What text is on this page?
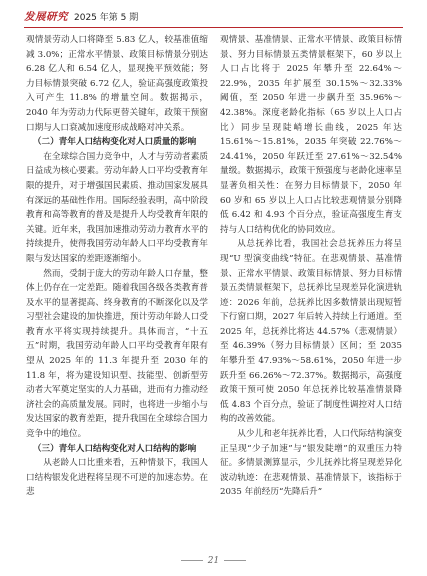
发展研究 2025 年第 5 期

观情景劳动人口将降至 5.83 亿人，较基准值缩减 3.0%；正常水平情景、政策目标情景分别达 6.28 亿人和 6.54 亿人，显现挽平预效能；努力目标情景突破 6.72 亿人，验证高强度政策投入可产生 11.8% 的增量空间。数据揭示，2040 年为劳动力代际更替关键年，政策干预窗口期与人口衰减加速度形成战略对冲关系。

（二）青年人口结构变化对人口质量的影响

在全球综合国力竞争中，人才与劳动者素质日益成为核心要素。劳动年龄人口平均受教育年限的提升，对于增强国民素质、推动国家发展具有深远的基础性作用。国际经验表明，高中阶段教育和高等教育的普及是提升人均受教育年限的关键。近年来，我国加速推动劳动力教育水平的持续提升，使得我国劳动年龄人口平均受教育年限与发达国家的差距逐渐缩小。

然而，受制于庞大的劳动年龄人口存量，整体上仍存在一定差距。随着我国各级各类教育普及水平的显著提高、终身教育的不断深化以及学习型社会建设的加快推进，预计劳动年龄人口受教育水平将实现持续提升。具体而言，“十五五”时期，我国劳动年龄人口平均受教育年限有望从 2025 年的 11.3 年提升至 2030 年的 11.8 年，将为建设知识型、技能型、创新型劳动者大军奠定坚实的人力基础，进而有力推动经济社会的高质量发展。同时，也将进一步缩小与发达国家的教育差距，提升我国在全球综合国力竞争中的地位。

（三）青年人口结构变化对人口结构的影响

从老龄人口比重来看，五种情景下，我国人口结构银发化进程将呈现不可逆的加速态势。在悲

观情景、基准情景、正常水平情景、政策目标情景、努力目标情景五类情景框架下，60 岁以上人口占比将于 2025 年攀升至 22.64%～22.9%，2035 年扩展至 30.15%～32.33% 阈值，至 2050 年进一步飙升至 35.96%～42.38%。深度老龄化指标（65 岁以上人口占比）同步呈现陡峭增长曲线，2025 年达 15.61%～15.81%，2035 年突破 22.76%～24.41%，2050 年跃迁至 27.61%～32.54% 量级。数据揭示，政策干预强度与老龄化速率呈显著负相关性：在努力目标情景下，2050 年 60 岁和 65 岁以上人口占比较悲观情景分别降低 6.42 和 4.93 个百分点，验证高强度生育支持与人口结构优化的协同效应。

从总抚养比看，我国社会总抚养压力将呈现“U 型演变曲线”特征。在悲观情景、基准情景、正常水平情景、政策目标情景、努力目标情景五类情景框架下，总抚养比呈现差异化演进轨迹：2026 年前，总抚养比因多数情景出现短暂下行窗口期，2027 年后转入持续上行通道。至 2025 年，总抚养比将达 44.57%（悲观情景）至 46.39%（努力目标情景）区间；至 2035 年攀升至 47.93%～58.61%，2050 年进一步跃升至 66.26%～72.37%。数据揭示，高强度政策干预可使 2050 年总抚养比较基准情景降低 4.83 个百分点，验证了制度性调控对人口结构的改善效能。

从少儿和老年抚养比看，人口代际结构演变正呈现“少子加速”与“银发陡增”的双重压力特征。多情景测算显示，少儿抚养比将呈现差异化波动轨迹：在悲观情景、基准情景下，该指标于 2035 年前经历“先降后升”

21
